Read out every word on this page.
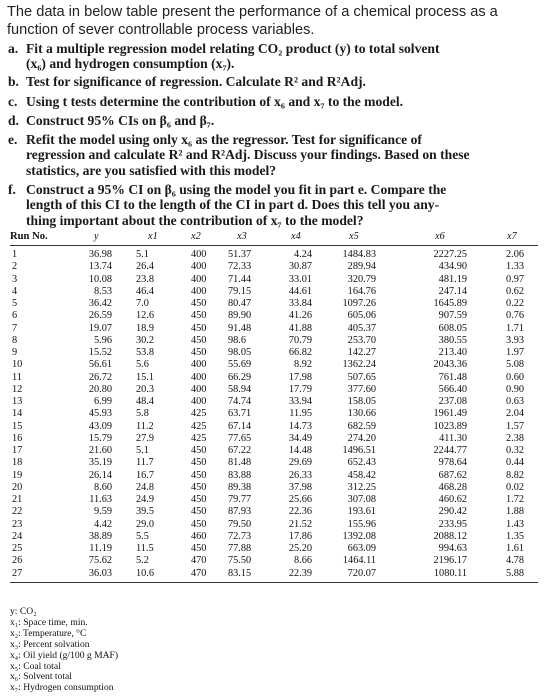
The data in below table present the performance of a chemical process as a function of sever controllable process variables.
a. Fit a multiple regression model relating CO₂ product (y) to total solvent
(x₆) and hydrogen consumption (x₇).
b. Test for significance of regression. Calculate R² and R²Adj.
c. Using t tests determine the contribution of x₆ and x₇ to the model.
d. Construct 95% CIs on β₆ and β₇.
e. Refit the model using only x₆ as the regressor. Test for significance of
regression and calculate R² and R²Adj. Discuss your findings. Based on these
statistics, are you satisfied with this model?
f. Construct a 95% CI on β₆ using the model you fit in part e. Compare the
length of this CI to the length of the CI in part d. Does this tell you any-
thing important about the contribution of x₇ to the model?
Run No.	y	x1	x2	x3	x4	x5	x6	x7
1	36.98 5.1	400 51.37	4.24	1484.83	2227.25	2.06
2	13.74 26.4	400 72.33	30.87	289.94	434.90	1.33
3	10.08 23.8	400 71.44	33.01	320.79	481.19	0.97
4	8.53 46.4	400 79.15	44.61	164.76	247.14	0.62
5	36.42 7.0	450 80.47	33.84	1097.26	1645.89	0.22
6	26.59 12.6	450 89.90	41.26	605.06	907.59	0.76
7	19.07 18.9	450 91.48	41.88	405.37	608.05	1.71
8	5.96 30.2	450 98.6	70.79	253.70	380.55	3.93
9	15.52 53.8	450 98.05	66.82	142.27	213.40	1.97
10	56.61 5.6	400 55.69	8.92	1362.24	2043.36	5.08
11	26.72 15.1	400 66.29	17.98	507.65	761.48	0.60
12	20.80 20.3	400 58.94	17.79	377.60	566.40	0.90
13	6.99 48.4	400 74.74	33.94	158.05	237.08	0.63
14	45.93 5.8	425 63.71	11.95	130.66	1961.49	2.04
15	43.09 11.2	425 67.14	14.73	682.59	1023.89	1.57
16	15.79 27.9	425 77.65	34.49	274.20	411.30	2.38
17	21.60 5.1	450 67.22	14.48	1496.51	2244.77	0.32
18	35.19 11.7	450 81.48	29.69	652.43	978.64	0.44
19	26.14 16.7	450 83.88	26.33	458.42	687.62	8.82
20	8.60 24.8	450 89.38	37.98	312.25	468.28	0.02
21	11.63 24.9	450 79.77	25.66	307.08	460.62	1.72
22	9.59 39.5	450 87.93	22.36	193.61	290.42	1.88
23	4.42 29.0	450 79.50	21.52	155.96	233.95	1.43
24	38.89 5.5	460 72.73	17.86	1392.08	2088.12	1.35
25	11.19 11.5	450 77.88	25.20	663.09	994.63	1.61
26	75.62 5.2	470 75.50	8.66	1464.11	2196.17	4.78
27	36.03 10.6	470 83.15	22.39	720.07	1080.11	5.88
y: CO₂
x₁: Space time, min.
x₂: Temperature, °C
x₃: Percent solvation
x₄: Oil yield (g/100 g MAF)
x₅: Coal total
x₆: Solvent total
x₇: Hydrogen consumption
